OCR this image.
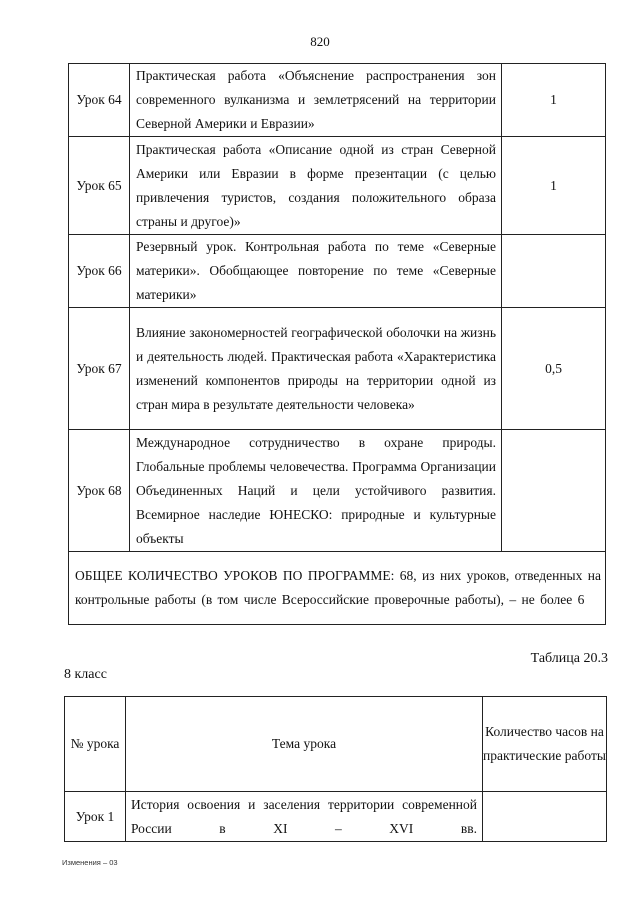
820
Урок 64	Практическая работа «Объяснение распространения зон современного вулканизма и землетрясений на территории Северной Америки и Евразии»	1
Урок 65	Практическая работа «Описание одной из стран Северной Америки или Евразии в форме презентации (с целью привлечения туристов, создания положительного образа страны и другое)»	1
Урок 66	Резервный урок. Контрольная работа по теме «Северные материки». Обобщающее повторение по теме «Северные материки»	
Урок 67	Влияние закономерностей географической оболочки на жизнь и деятельность людей. Практическая работа «Характеристика изменений компонентов природы на территории одной из стран мира в результате деятельности человека»	0,5
Урок 68	Международное сотрудничество в охране природы. Глобальные проблемы человечества. Программа Организации Объединенных Наций и цели устойчивого развития. Всемирное наследие ЮНЕСКО: природные и культурные объекты	
ОБЩЕЕ КОЛИЧЕСТВО УРОКОВ ПО ПРОГРАММЕ: 68, из них уроков, отведенных на контрольные работы (в том числе Всероссийские проверочные работы), – не более 6		
Таблица 20.3
8 класс
№ урока	Тема урока	Количество часов на практические работы
Урок 1	История освоения и заселения территории современной России в XI – XVI вв.	
Изменения – 03
